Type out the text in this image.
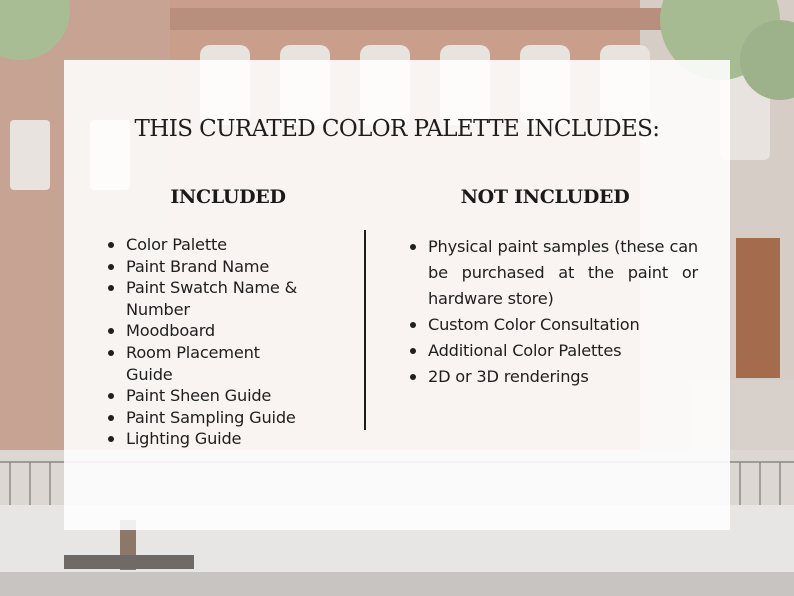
THIS CURATED COLOR PALETTE INCLUDES:
INCLUDED	NOT INCLUDED
Color Palette
Paint Brand Name
Paint Swatch Name & Number
Moodboard
Room Placement Guide
Paint Sheen Guide
Paint Sampling Guide
Lighting Guide
Physical paint samples (these can be purchased at the paint or hardware store)
Custom Color Consultation
Additional Color Palettes
2D or 3D renderings
